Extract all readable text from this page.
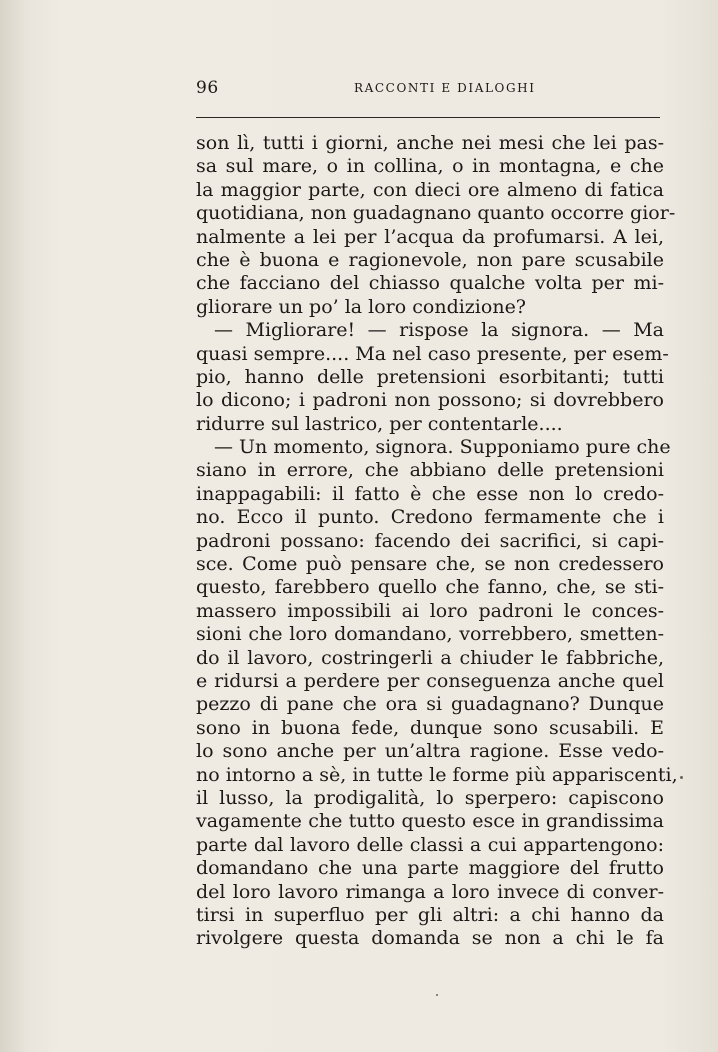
96	RACCONTI E DIALOGHI
son lì, tutti i giorni, anche nei mesi che lei pas-
sa sul mare, o in collina, o in montagna, e che
la maggior parte, con dieci ore almeno di fatica
quotidiana, non guadagnano quanto occorre gior-
nalmente a lei per l’acqua da profumarsi. A lei,
che è buona e ragionevole, non pare scusabile
che facciano del chiasso qualche volta per mi-
gliorare un po’ la loro condizione?
— Migliorare! — rispose la signora. — Ma
quasi sempre.... Ma nel caso presente, per esem-
pio, hanno delle pretensioni esorbitanti; tutti
lo dicono; i padroni non possono; si dovrebbero
ridurre sul lastrico, per contentarle....
— Un momento, signora. Supponiamo pure che
siano in errore, che abbiano delle pretensioni
inappagabili: il fatto è che esse non lo credo-
no. Ecco il punto. Credono fermamente che i
padroni possano: facendo dei sacrifici, si capi-
sce. Come può pensare che, se non credessero
questo, farebbero quello che fanno, che, se sti-
massero impossibili ai loro padroni le conces-
sioni che loro domandano, vorrebbero, smetten-
do il lavoro, costringerli a chiuder le fabbriche,
e ridursi a perdere per conseguenza anche quel
pezzo di pane che ora si guadagnano? Dunque
sono in buona fede, dunque sono scusabili. E
lo sono anche per un’altra ragione. Esse vedo-
no intorno a sè, in tutte le forme più appariscenti,
il lusso, la prodigalità, lo sperpero: capiscono
vagamente che tutto questo esce in grandissima
parte dal lavoro delle classi a cui appartengono:
domandano che una parte maggiore del frutto
del loro lavoro rimanga a loro invece di conver-
tirsi in superfluo per gli altri: a chi hanno da
rivolgere questa domanda se non a chi le fa
